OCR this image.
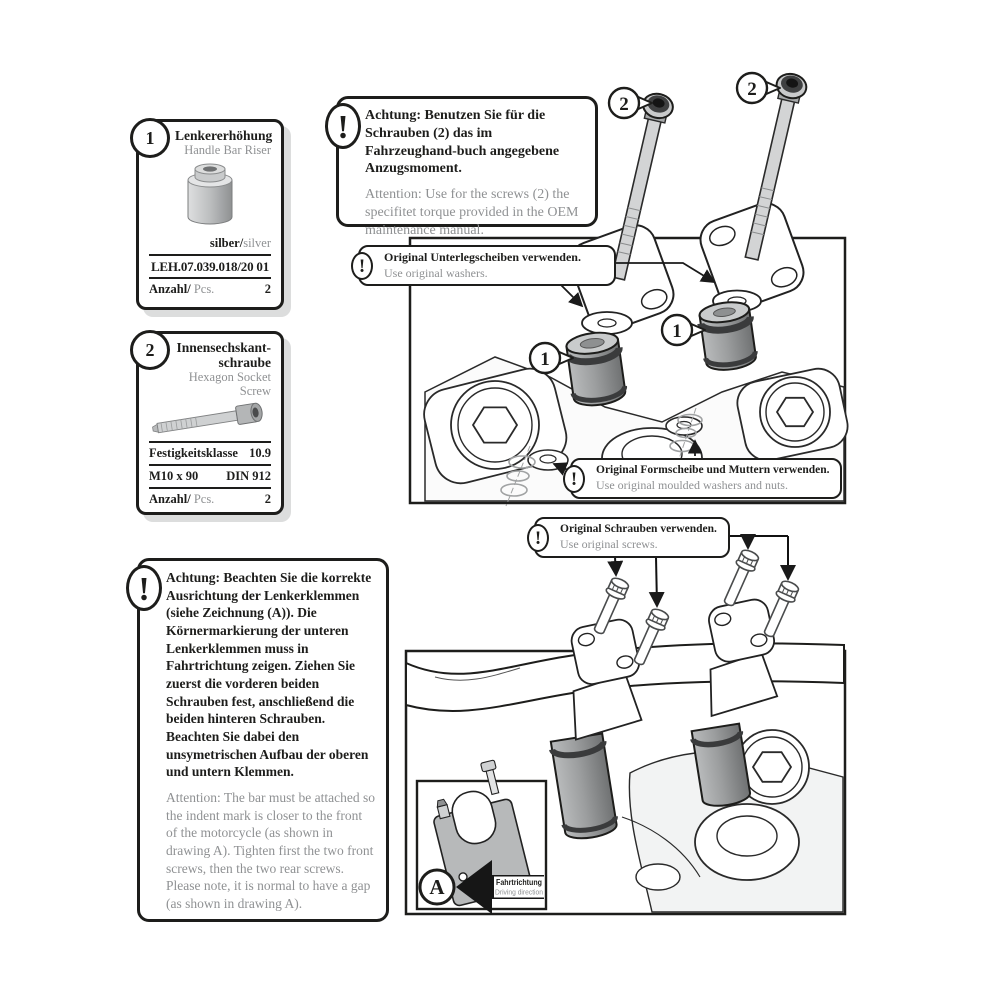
2
2
1
1
A	Fahrtrichtung
Driving direction
!	Original Unterlegscheiben verwenden.
Use original washers.
!	Original Formscheibe und Muttern verwenden.
Use original moulded washers and nuts.
!	Original Schrauben verwenden.
Use original screws.
1 Lenkererhöhung
Handle Bar Riser
silber/silver
LEH.07.039.018/20 01
Anzahl/ Pcs.	2
2 Innensechskant-
schraube
Hexagon Socket Screw
Festigkeitsklasse 10.9
M10 x 90 DIN 912
Anzahl/ Pcs.	2
!	Achtung: Benutzen Sie für die Schrauben (2) das im Fahrzeughand-buch angegebene Anzugsmoment.
Attention: Use for the screws (2) the specifitet torque provided in the OEM maintenance manual.
!	Achtung: Beachten Sie die korrekte Ausrichtung der Lenkerklemmen (siehe Zeichnung (A)). Die Körnermarkierung der unteren Lenkerklemmen muss in Fahrtrichtung zeigen. Ziehen Sie zuerst die vorderen beiden Schrauben fest, anschließend die beiden hinteren Schrauben. Beachten Sie dabei den unsymetrischen Aufbau der oberen und untern Klemmen.
Attention: The bar must be attached so the indent mark is closer to the front of the motorcycle (as shown in drawing A). Tighten first the two front screws, then the two rear screws. Please note, it is normal to have a gap (as shown in drawing A).
